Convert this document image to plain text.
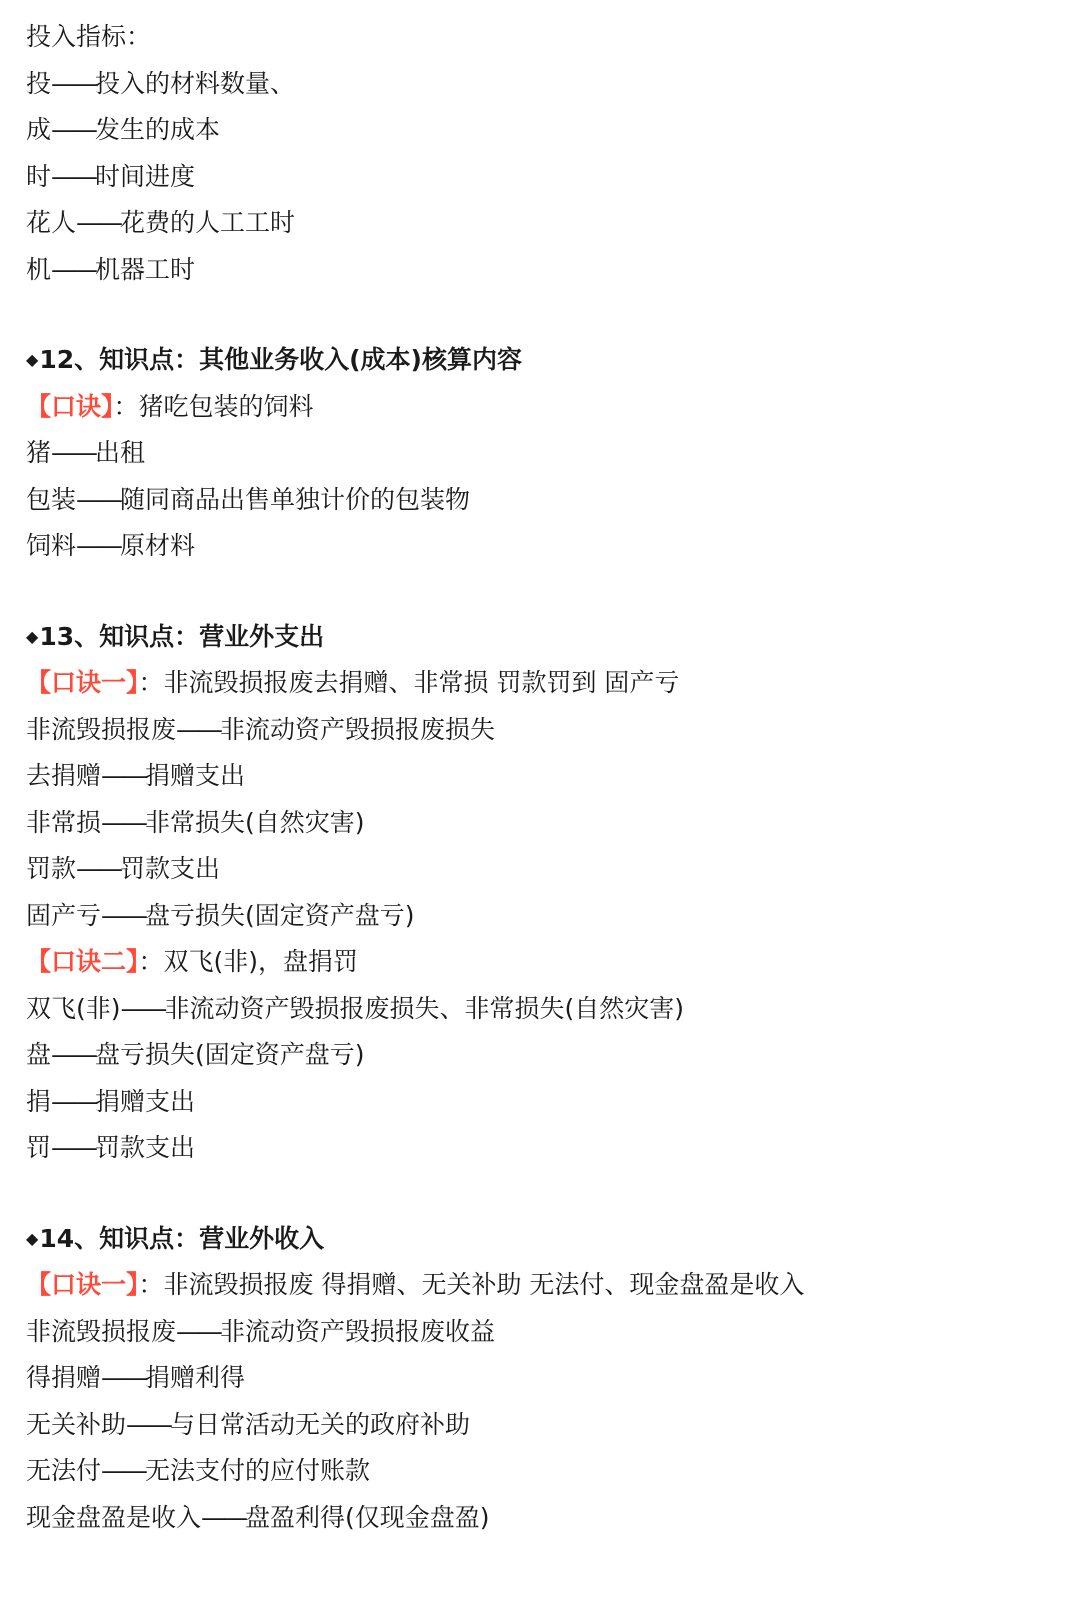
投入指标：
投——投入的材料数量、
成——发生的成本
时——时间进度
花人——花费的人工工时
机——机器工时
◆12、知识点：其他业务收入(成本)核算内容
【口诀】：猪吃包装的饲料
猪——出租
包装——随同商品出售单独计价的包装物
饲料——原材料
◆13、知识点：营业外支出
【口诀一】：非流毁损报废去捐赠、非常损 罚款罚到 固产亏
非流毁损报废——非流动资产毁损报废损失
去捐赠——捐赠支出
非常损——非常损失(自然灾害)
罚款——罚款支出
固产亏——盘亏损失(固定资产盘亏)
【口诀二】：双飞(非)，盘捐罚
双飞(非)——非流动资产毁损报废损失、非常损失(自然灾害)
盘——盘亏损失(固定资产盘亏)
捐——捐赠支出
罚——罚款支出
◆14、知识点：营业外收入
【口诀一】：非流毁损报废 得捐赠、无关补助 无法付、现金盘盈是收入
非流毁损报废——非流动资产毁损报废收益
得捐赠——捐赠利得
无关补助——与日常活动无关的政府补助
无法付——无法支付的应付账款
现金盘盈是收入——盘盈利得(仅现金盘盈)
